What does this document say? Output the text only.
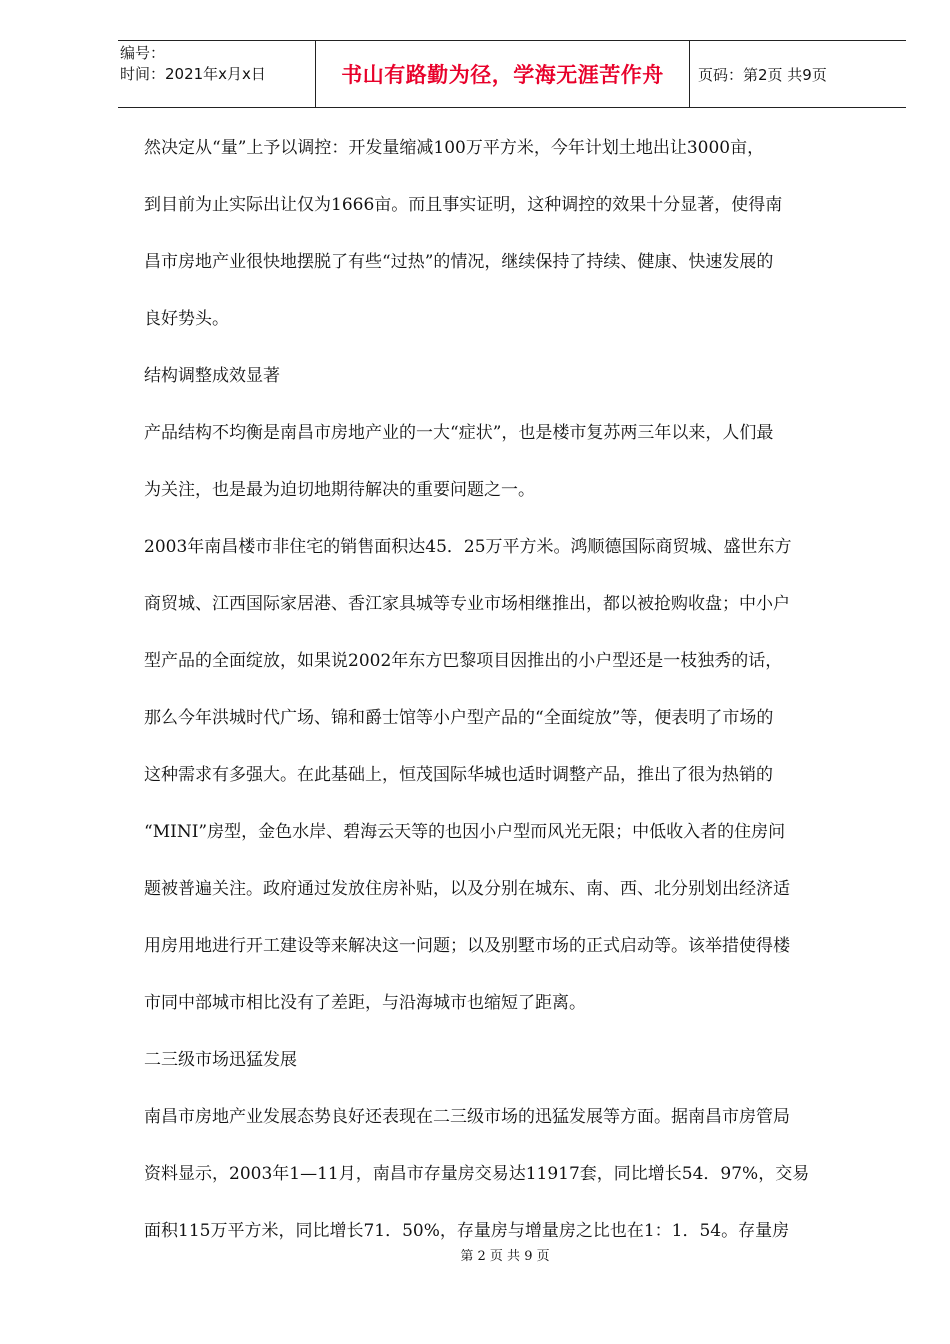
编号：
时间：2021年x月x日	书山有路勤为径，学海无涯苦作舟	页码：第2页 共9页
然决定从“量”上予以调控：开发量缩减100万平方米，今年计划土地出让3000亩，
到目前为止实际出让仅为1666亩。而且事实证明，这种调控的效果十分显著，使得南
昌市房地产业很快地摆脱了有些“过热”的情况，继续保持了持续、健康、快速发展的
良好势头。
结构调整成效显著
产品结构不均衡是南昌市房地产业的一大“症状”，也是楼市复苏两三年以来，人们最
为关注，也是最为迫切地期待解决的重要问题之一。
2003年南昌楼市非住宅的销售面积达45．25万平方米。鸿顺德国际商贸城、盛世东方
商贸城、江西国际家居港、香江家具城等专业市场相继推出，都以被抢购收盘；中小户
型产品的全面绽放，如果说2002年东方巴黎项目因推出的小户型还是一枝独秀的话，
那么今年洪城时代广场、锦和爵士馆等小户型产品的“全面绽放”等，便表明了市场的
这种需求有多强大。在此基础上，恒茂国际华城也适时调整产品，推出了很为热销的
“MINI”房型，金色水岸、碧海云天等的也因小户型而风光无限；中低收入者的住房问
题被普遍关注。政府通过发放住房补贴，以及分别在城东、南、西、北分别划出经济适
用房用地进行开工建设等来解决这一问题；以及别墅市场的正式启动等。该举措使得楼
市同中部城市相比没有了差距，与沿海城市也缩短了距离。
二三级市场迅猛发展
南昌市房地产业发展态势良好还表现在二三级市场的迅猛发展等方面。据南昌市房管局
资料显示，2003年1—11月，南昌市存量房交易达11917套，同比增长54．97%，交易
面积115万平方米，同比增长71．50%，存量房与增量房之比也在1：1．54。存量房
第 2 页 共 9 页
